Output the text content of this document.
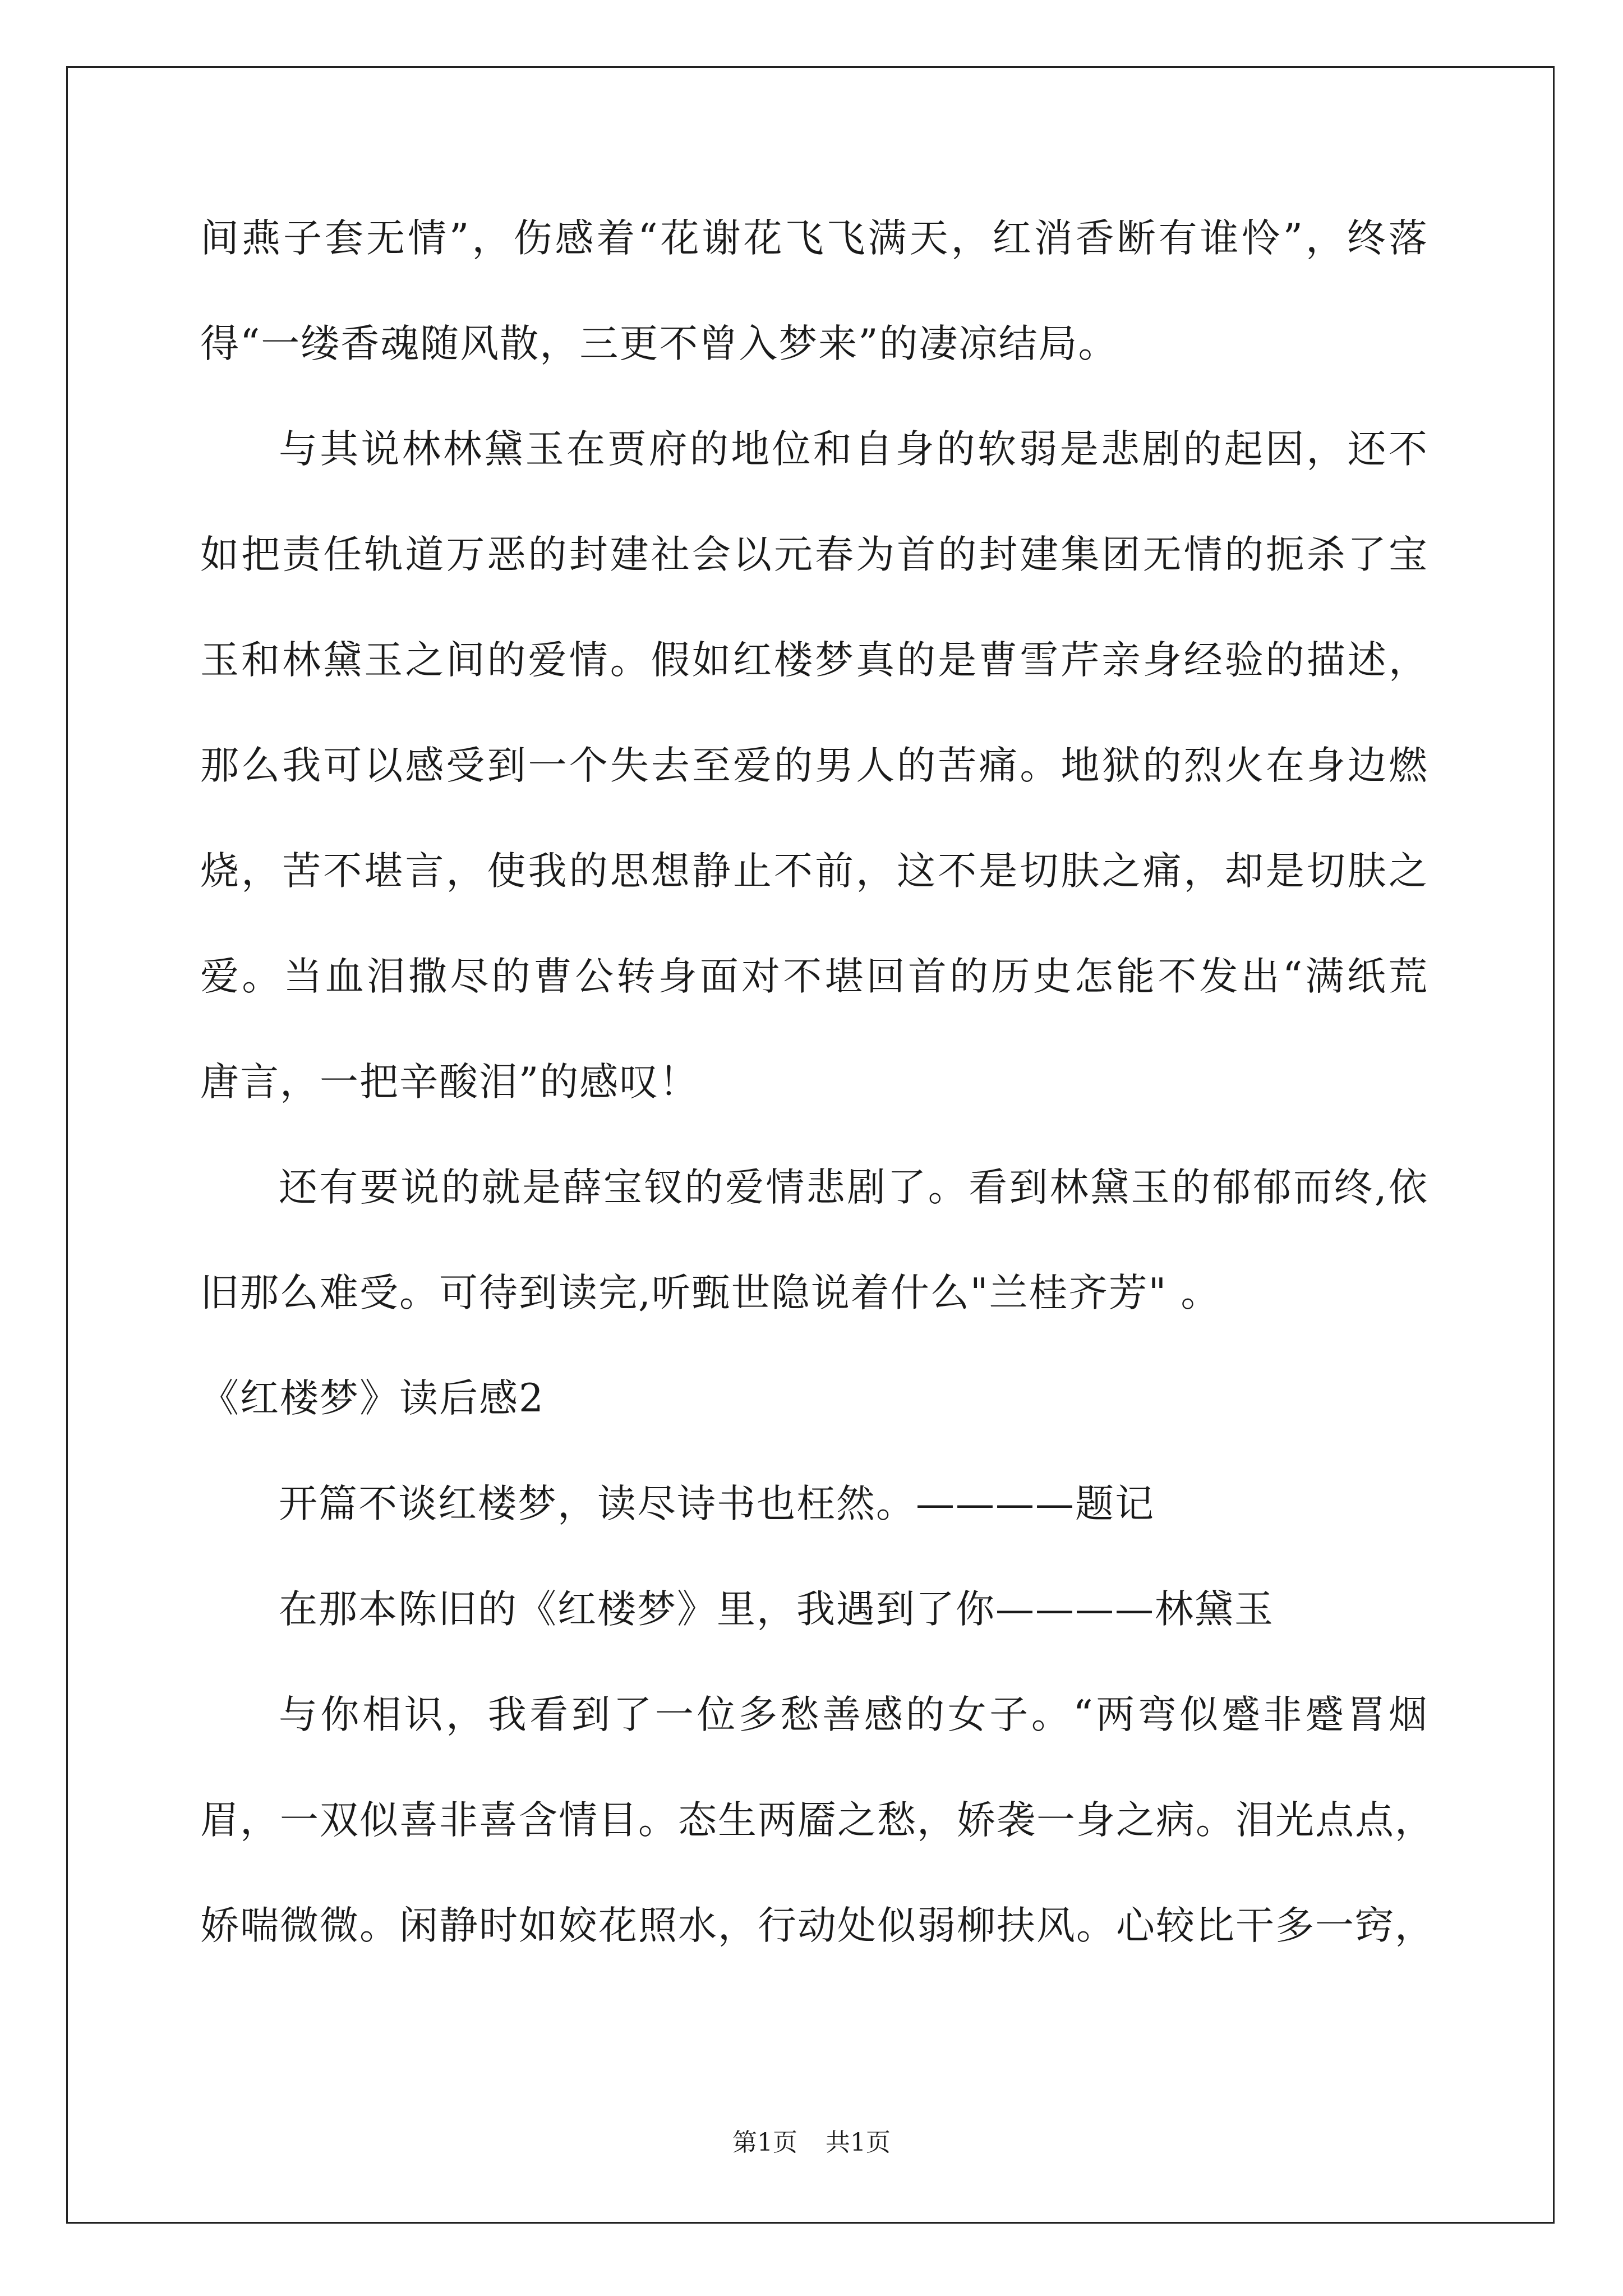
间燕子套无情”，伤感着“花谢花飞飞满天，红消香断有谁怜”，终落
得“一缕香魂随风散，三更不曾入梦来”的凄凉结局。
与其说林林黛玉在贾府的地位和自身的软弱是悲剧的起因，还不
如把责任轨道万恶的封建社会以元春为首的封建集团无情的扼杀了宝
玉和林黛玉之间的爱情。假如红楼梦真的是曹雪芹亲身经验的描述，
那么我可以感受到一个失去至爱的男人的苦痛。地狱的烈火在身边燃
烧，苦不堪言，使我的思想静止不前，这不是切肤之痛，却是切肤之
爱。当血泪撒尽的曹公转身面对不堪回首的历史怎能不发出“满纸荒
唐言，一把辛酸泪”的感叹！
还有要说的就是薛宝钗的爱情悲剧了。看到林黛玉的郁郁而终,依
旧那么难受。可待到读完,听甄世隐说着什么"兰桂齐芳" 。
《红楼梦》读后感2
开篇不谈红楼梦，读尽诗书也枉然。————题记
在那本陈旧的《红楼梦》里，我遇到了你————林黛玉
与你相识，我看到了一位多愁善感的女子。“两弯似蹙非蹙罥烟
眉，一双似喜非喜含情目。态生两靥之愁，娇袭一身之病。泪光点点，
娇喘微微。闲静时如姣花照水，行动处似弱柳扶风。心较比干多一窍，
第1页 共1页
